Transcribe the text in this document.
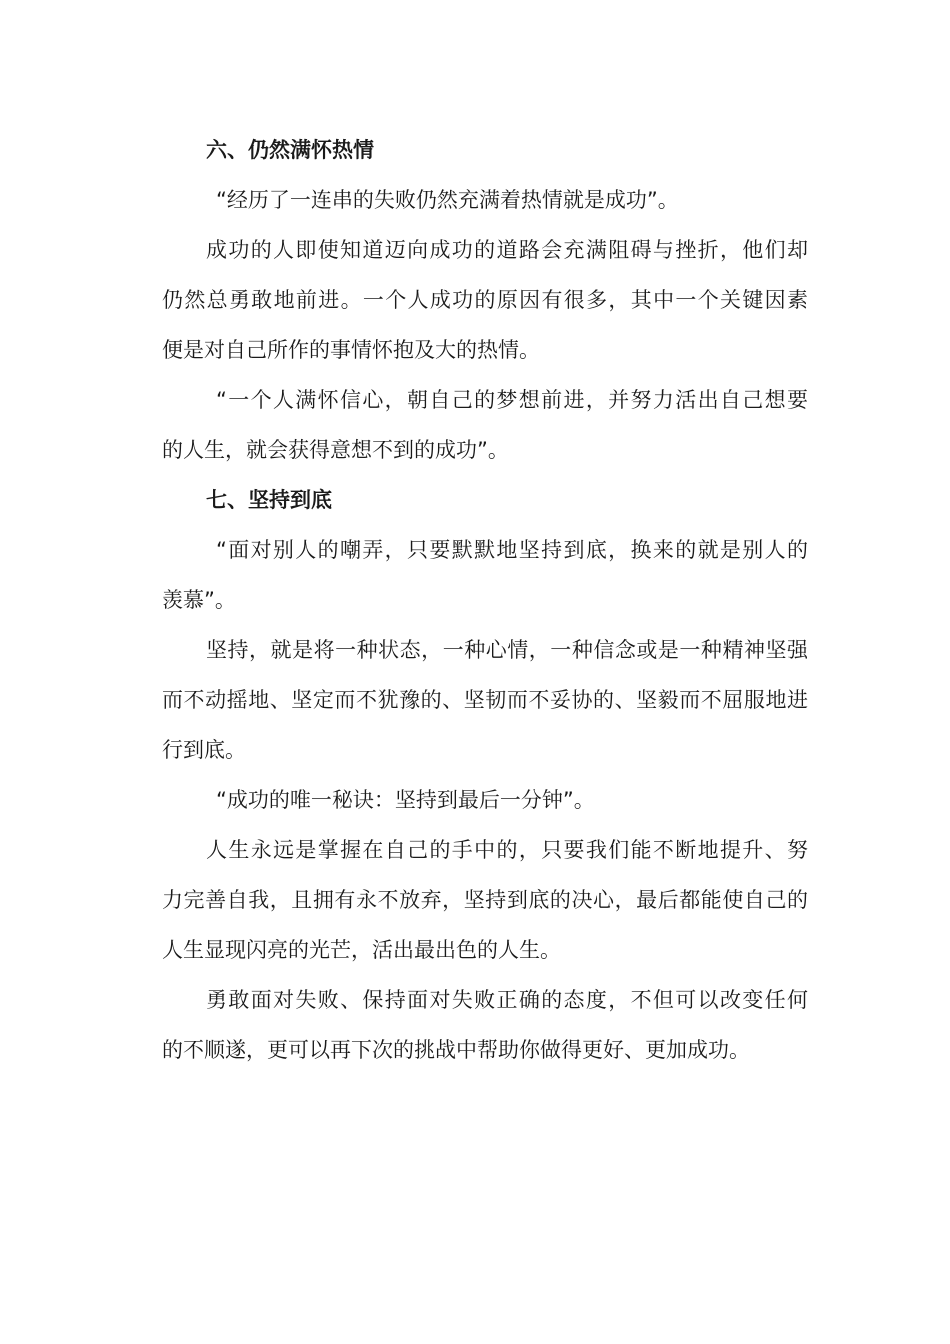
六、仍然满怀热情
“经历了一连串的失败仍然充满着热情就是成功”。
成功的人即使知道迈向成功的道路会充满阻碍与挫折，他们却
仍然总勇敢地前进。一个人成功的原因有很多，其中一个关键因素
便是对自己所作的事情怀抱及大的热情。
“一个人满怀信心，朝自己的梦想前进，并努力活出自己想要
的人生，就会获得意想不到的成功”。
七、坚持到底
“面对别人的嘲弄，只要默默地坚持到底，换来的就是别人的
羡慕”。
坚持，就是将一种状态，一种心情，一种信念或是一种精神坚强
而不动摇地、坚定而不犹豫的、坚韧而不妥协的、坚毅而不屈服地进
行到底。
“成功的唯一秘诀：坚持到最后一分钟”。
人生永远是掌握在自己的手中的，只要我们能不断地提升、努
力完善自我，且拥有永不放弃，坚持到底的决心，最后都能使自己的
人生显现闪亮的光芒，活出最出色的人生。
勇敢面对失败、保持面对失败正确的态度，不但可以改变任何
的不顺遂，更可以再下次的挑战中帮助你做得更好、更加成功。
